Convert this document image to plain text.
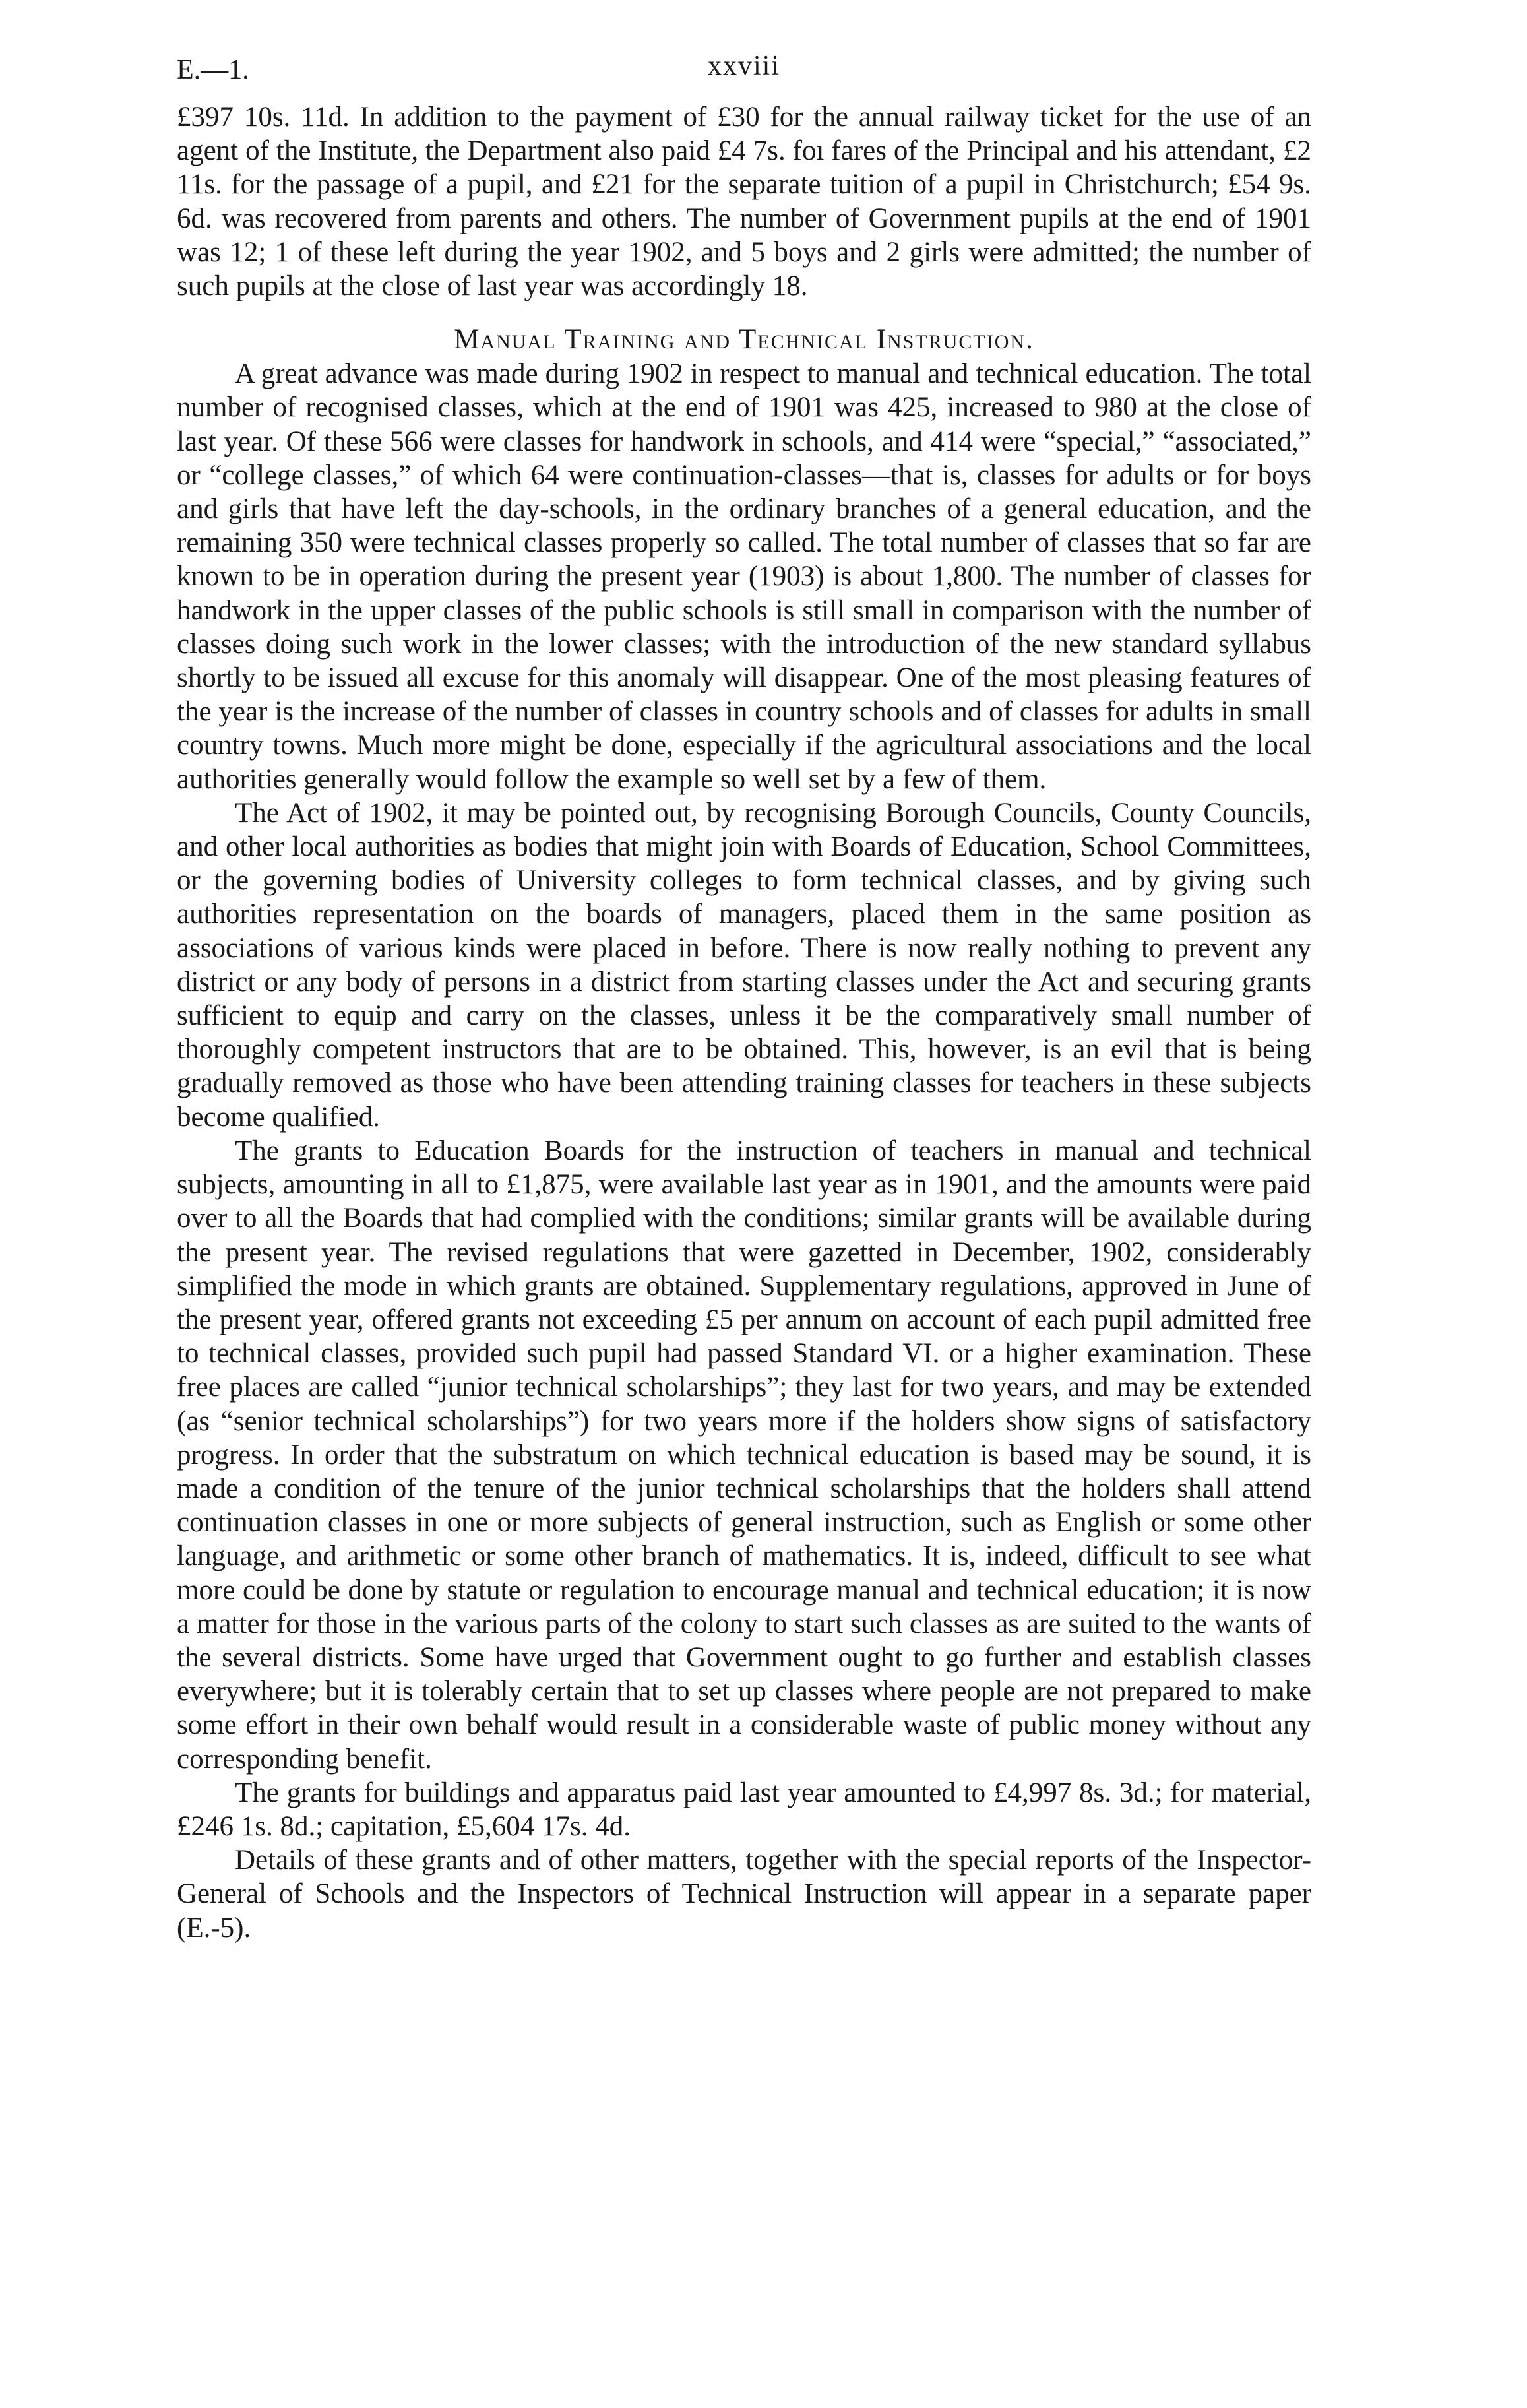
E.—1.	xxviii

£397 10s. 11d. In addition to the payment of £30 for the annual railway ticket for the use of an agent of the Institute, the Department also paid £4 7s. foı fares of the Principal and his attendant, £2 11s. for the passage of a pupil, and £21 for the separate tuition of a pupil in Christchurch; £54 9s. 6d. was recovered from parents and others. The number of Government pupils at the end of 1901 was 12; 1 of these left during the year 1902, and 5 boys and 2 girls were admitted; the number of such pupils at the close of last year was accordingly 18.

Manual Training and Technical Instruction.

A great advance was made during 1902 in respect to manual and technical education. The total number of recognised classes, which at the end of 1901 was 425, increased to 980 at the close of last year. Of these 566 were classes for handwork in schools, and 414 were “special,” “associated,” or “college classes,” of which 64 were continuation-classes—that is, classes for adults or for boys and girls that have left the day-schools, in the ordinary branches of a general education, and the remaining 350 were technical classes properly so called. The total number of classes that so far are known to be in operation during the present year (1903) is about 1,800. The number of classes for handwork in the upper classes of the public schools is still small in comparison with the number of classes doing such work in the lower classes; with the introduction of the new standard syllabus shortly to be issued all excuse for this anomaly will disappear. One of the most pleasing features of the year is the increase of the number of classes in country schools and of classes for adults in small country towns. Much more might be done, especially if the agricultural associations and the local authorities generally would follow the example so well set by a few of them.

The Act of 1902, it may be pointed out, by recognising Borough Councils, County Councils, and other local authorities as bodies that might join with Boards of Education, School Committees, or the governing bodies of University colleges to form technical classes, and by giving such authorities representation on the boards of managers, placed them in the same position as associations of various kinds were placed in before. There is now really nothing to prevent any district or any body of persons in a district from starting classes under the Act and securing grants sufficient to equip and carry on the classes, unless it be the comparatively small number of thoroughly competent instructors that are to be obtained. This, however, is an evil that is being gradually removed as those who have been attending training classes for teachers in these subjects become qualified.

The grants to Education Boards for the instruction of teachers in manual and technical subjects, amounting in all to £1,875, were available last year as in 1901, and the amounts were paid over to all the Boards that had complied with the conditions; similar grants will be available during the present year. The revised regulations that were gazetted in December, 1902, considerably simplified the mode in which grants are obtained. Supplementary regulations, approved in June of the present year, offered grants not exceeding £5 per annum on account of each pupil admitted free to technical classes, provided such pupil had passed Standard VI. or a higher examination. These free places are called “junior technical scholarships”; they last for two years, and may be extended (as “senior technical scholarships”) for two years more if the holders show signs of satisfactory progress. In order that the substratum on which technical education is based may be sound, it is made a condition of the tenure of the junior technical scholarships that the holders shall attend continuation classes in one or more subjects of general instruction, such as English or some other language, and arithmetic or some other branch of mathematics. It is, indeed, difficult to see what more could be done by statute or regulation to encourage manual and technical education; it is now a matter for those in the various parts of the colony to start such classes as are suited to the wants of the several districts. Some have urged that Government ought to go further and establish classes everywhere; but it is tolerably certain that to set up classes where people are not prepared to make some effort in their own behalf would result in a considerable waste of public money without any corresponding benefit.

The grants for buildings and apparatus paid last year amounted to £4,997 8s. 3d.; for material, £246 1s. 8d.; capitation, £5,604 17s. 4d.

Details of these grants and of other matters, together with the special reports of the Inspector-General of Schools and the Inspectors of Technical Instruction will appear in a separate paper (E.-5).
